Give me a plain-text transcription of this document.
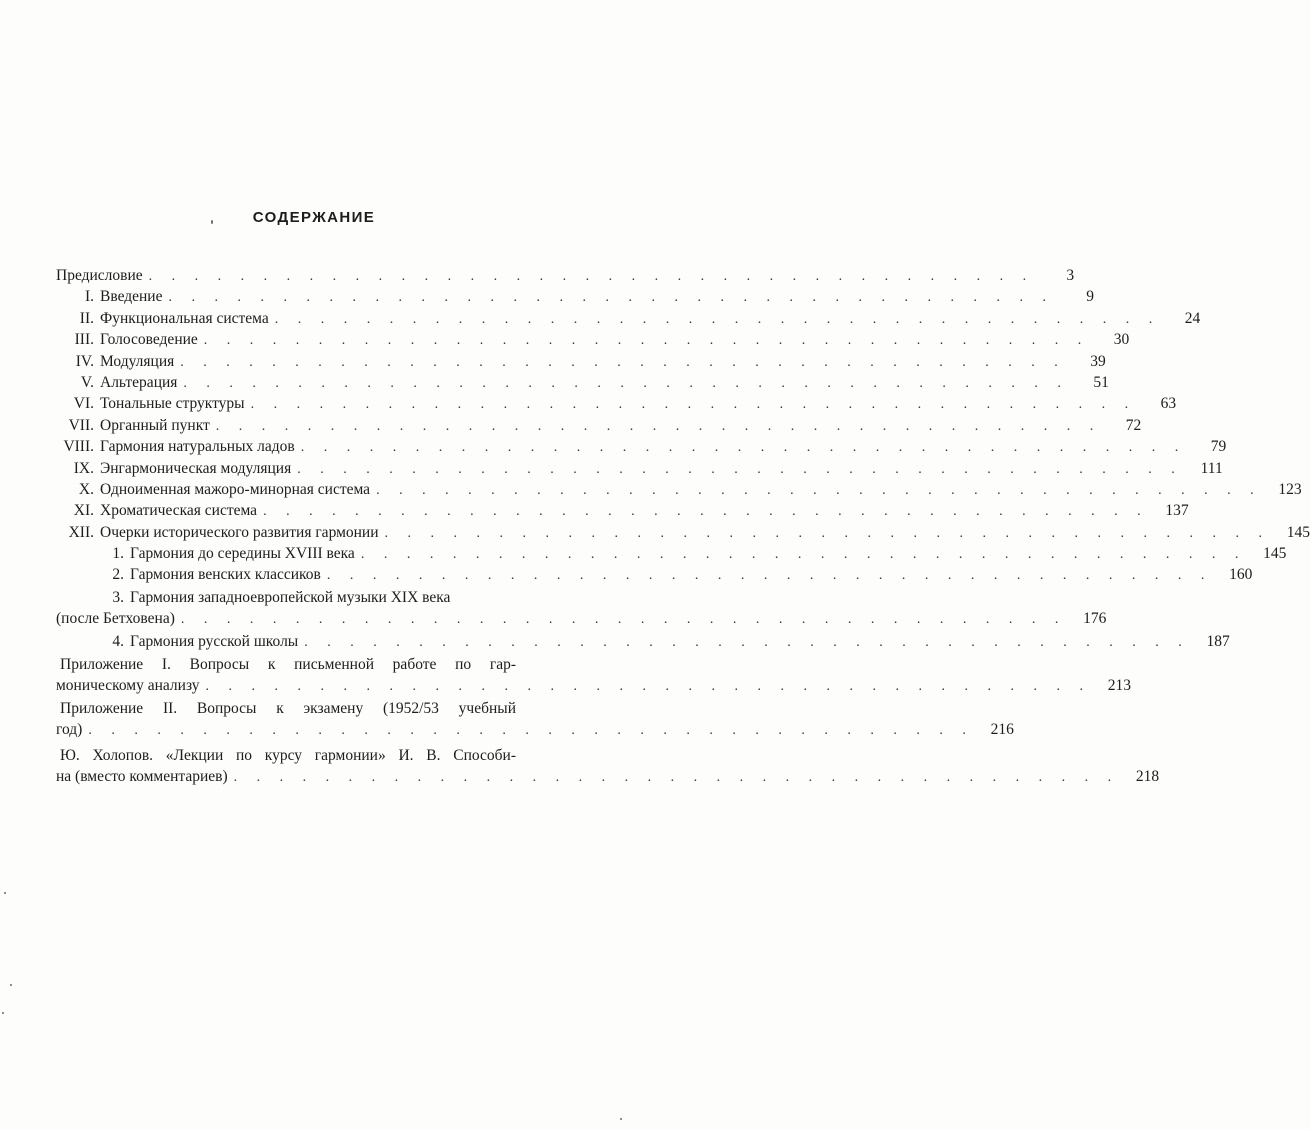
СОДЕРЖАНИЕ
Предисловие . . . . . . . . . . . . . . . . . . . . . . . . . . . . . . . . . . . . . . .	3
I. Введение . . . . . . . . . . . . . . . . . . . . . . . . . . . . . . . . . . . . . . .	9
II. Функциональная система . . . . . . . . . . . . . . . . . . . . . . . . . . . . . . . . . . . . . . .	24
III. Голосоведение . . . . . . . . . . . . . . . . . . . . . . . . . . . . . . . . . . . . . . .	30
IV. Модуляция . . . . . . . . . . . . . . . . . . . . . . . . . . . . . . . . . . . . . . .	39
V. Альтерация . . . . . . . . . . . . . . . . . . . . . . . . . . . . . . . . . . . . . . .	51
VI. Тональные структуры . . . . . . . . . . . . . . . . . . . . . . . . . . . . . . . . . . . . . . .	63
VII. Органный пункт . . . . . . . . . . . . . . . . . . . . . . . . . . . . . . . . . . . . . . .	72
VIII. Гармония натуральных ладов . . . . . . . . . . . . . . . . . . . . . . . . . . . . . . . . . . . . . . .	79
IX. Энгармоническая модуляция . . . . . . . . . . . . . . . . . . . . . . . . . . . . . . . . . . . . . . .	111
X. Одноименная мажоро-минорная система . . . . . . . . . . . . . . . . . . . . . . . . . . . . . . . . . . . . . . .	123
XI. Хроматическая система . . . . . . . . . . . . . . . . . . . . . . . . . . . . . . . . . . . . . . .	137
XII. Очерки исторического развития гармонии . . . . . . . . . . . . . . . . . . . . . . . . . . . . . . . . . . . . . . .	145
1. Гармония до середины XVIII века . . . . . . . . . . . . . . . . . . . . . . . . . . . . . . . . . . . . . . .	145
2. Гармония венских классиков . . . . . . . . . . . . . . . . . . . . . . . . . . . . . . . . . . . . . . .	160
3. Гармония западноевропейской музыки XIX века
(после Бетховена) . . . . . . . . . . . . . . . . . . . . . . . . . . . . . . . . . . . . . . .	176
4. Гармония русской школы . . . . . . . . . . . . . . . . . . . . . . . . . . . . . . . . . . . . . . .	187
Приложение I. Вопросы к письменной работе по гар-
моническому анализу . . . . . . . . . . . . . . . . . . . . . . . . . . . . . . . . . . . . . . .	213
Приложение II. Вопросы к экзамену (1952/53 учебный
год) . . . . . . . . . . . . . . . . . . . . . . . . . . . . . . . . . . . . . . .	216
Ю. Холопов. «Лекции по курсу гармонии» И. В. Способи-
на (вместо комментариев) . . . . . . . . . . . . . . . . . . . . . . . . . . . . . . . . . . . . . . .	218
